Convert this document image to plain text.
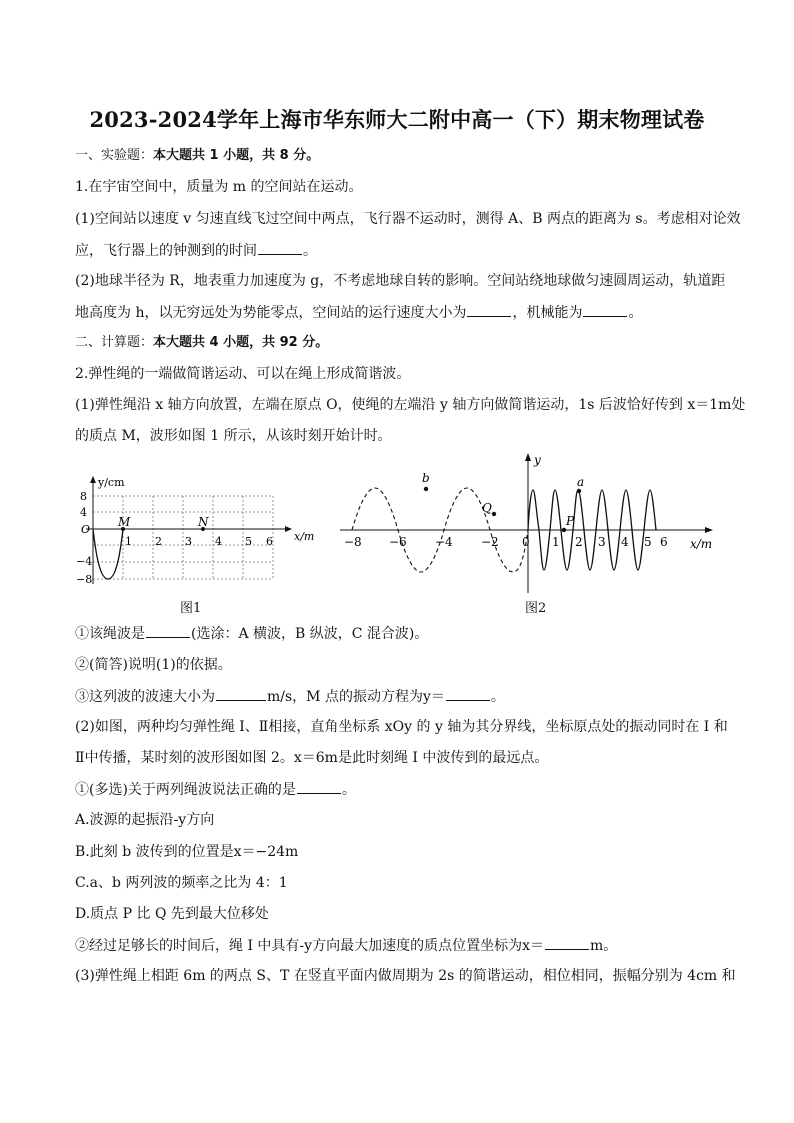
2023-2024学年上海市华东师大二附中高一（下）期末物理试卷
一、实验题：本大题共 1 小题，共 8 分。
1.在宇宙空间中，质量为 m 的空间站在运动。
(1)空间站以速度 v 匀速直线飞过空间中两点，飞行器不运动时，测得 A、B 两点的距离为 s。考虑相对论效
应，飞行器上的钟测到的时间	。
(2)地球半径为 R，地表重力加速度为 g，不考虑地球自转的影响。空间站绕地球做匀速圆周运动，轨道距
地高度为 h，以无穷远处为势能零点，空间站的运行速度大小为	，机械能为	。
二、计算题：本大题共 4 小题，共 92 分。
2.弹性绳的一端做简谐运动、可以在绳上形成简谐波。
(1)弹性绳沿 x 轴方向放置，左端在原点 O，使绳的左端沿 y 轴方向做简谐运动，1s 后波恰好传到 x＝1m处
的质点 M，波形如图 1 所示，从该时刻开始计时。
y/cm
x/m
8
4
O
−4
−8
1 2 3 4 5 6
M	N
图1
y
x/m
b
Q
a
P
−8 −6 −4 −2 0 1 2 3 4 5 6
图2
①该绳波是	(选涂：A 横波，B 纵波，C 混合波)。
②(简答)说明(1)的依据。
③这列波的波速大小为	m/s，M 点的振动方程为y＝	。
(2)如图，两种均匀弹性绳 Ⅰ、Ⅱ相接，直角坐标系 xOy 的 y 轴为其分界线，坐标原点处的振动同时在 Ⅰ 和
Ⅱ中传播，某时刻的波形图如图 2。x＝6m是此时刻绳 Ⅰ 中波传到的最远点。
①(多选)关于两列绳波说法正确的是	。
A.波源的起振沿-y方向
B.此刻 b 波传到的位置是x＝−24m
C.a、b 两列波的频率之比为 4：1
D.质点 P 比 Q 先到最大位移处
②经过足够长的时间后，绳 Ⅰ 中具有-y方向最大加速度的质点位置坐标为x＝	m。
(3)弹性绳上相距 6m 的两点 S、T 在竖直平面内做周期为 2s 的简谐运动，相位相同，振幅分别为 4cm 和
